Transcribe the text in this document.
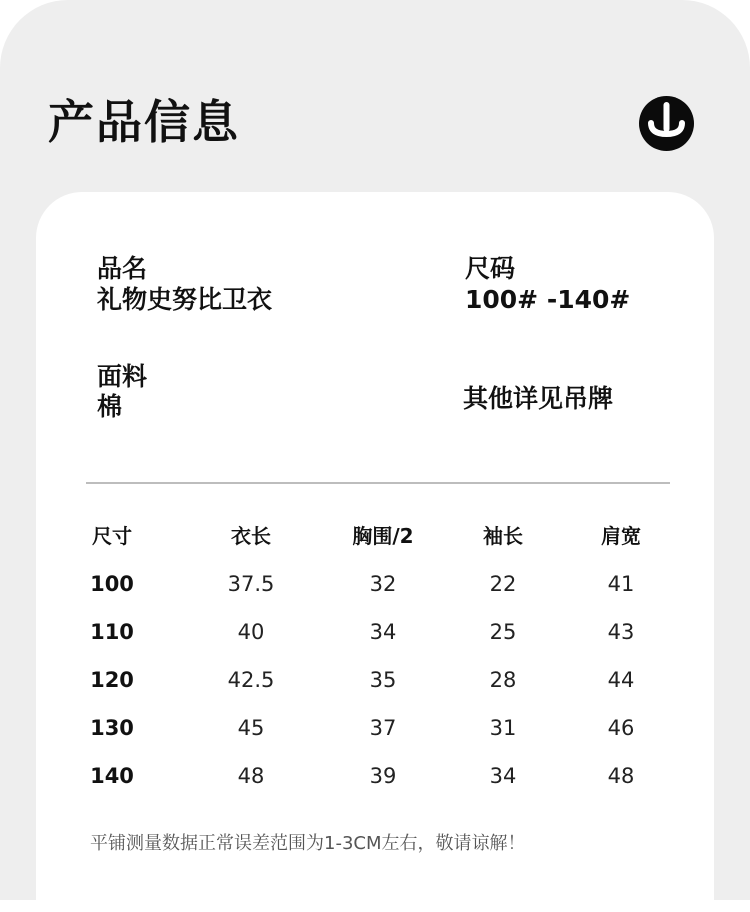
产品信息
品名
礼物史努比卫衣
尺码
100# -140#
面料
棉	其他详见吊牌
尺寸	衣长	胸围/2	袖长	肩宽
100	37.5	32	22	41
110	40	34	25	43
120	42.5	35	28	44
130	45	37	31	46
140	48	39	34	48
平铺测量数据正常误差范围为1-3CM左右，敬请谅解！
